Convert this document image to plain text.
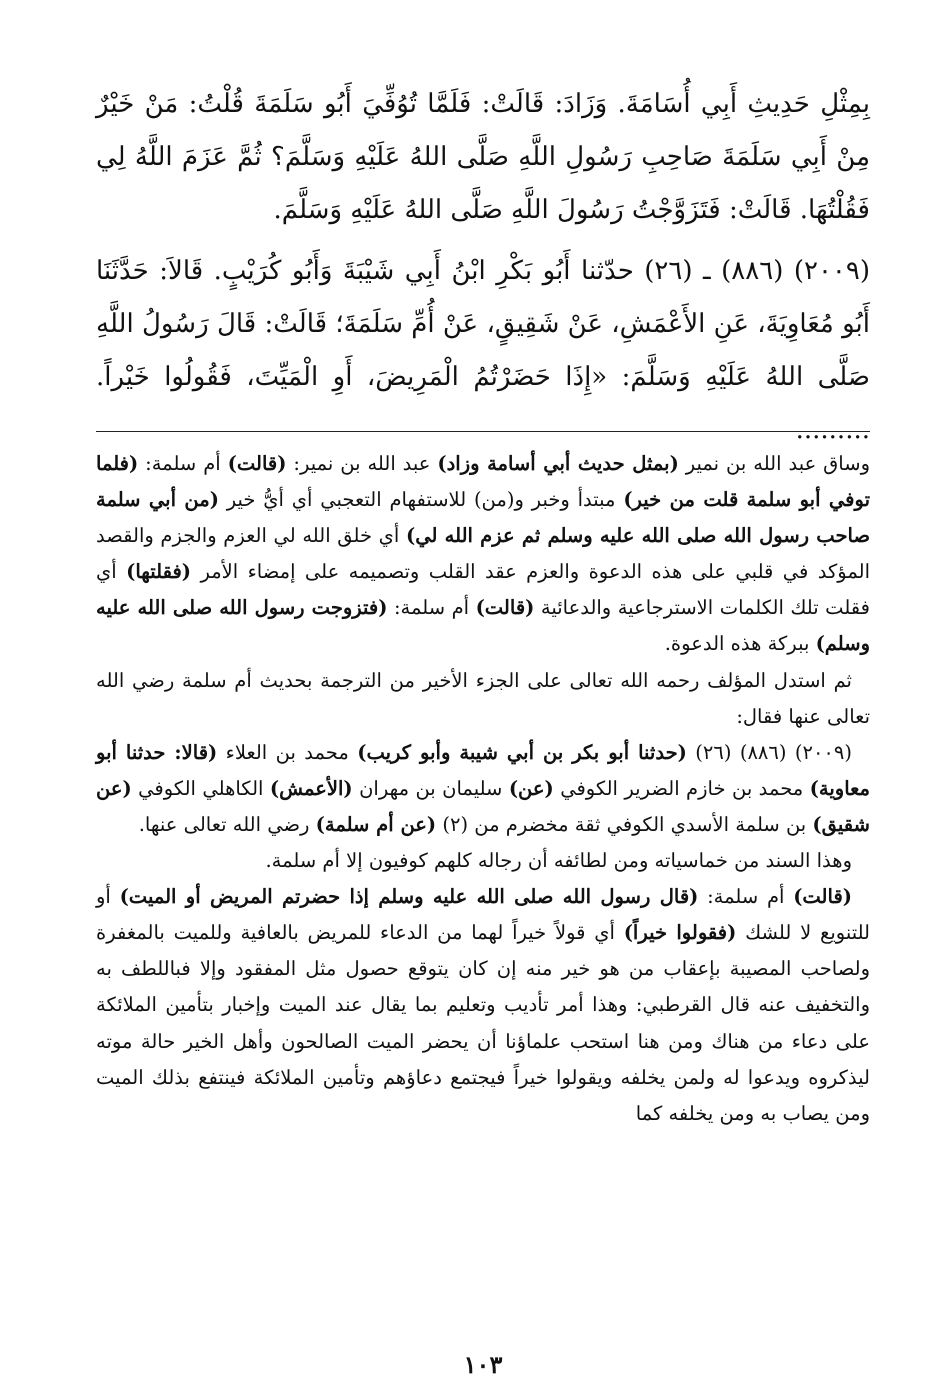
بِمِثْلِ حَدِيثِ أَبِي أُسَامَةَ. وَزَادَ: قَالَتْ: فَلَمَّا تُوُفِّيَ أَبُو سَلَمَةَ قُلْتُ: مَنْ خَيْرٌ مِنْ أَبِي سَلَمَةَ صَاحِبِ رَسُولِ اللَّهِ صَلَّى اللهُ عَلَيْهِ وَسَلَّمَ؟ ثُمَّ عَزَمَ اللَّهُ لِي فَقُلْتُهَا. قَالَتْ: فَتَزَوَّجْتُ رَسُولَ اللَّهِ صَلَّى اللهُ عَلَيْهِ وَسَلَّمَ.

(٢٠٠٩) (٨٨٦) ـ (٢٦) حدّثنا أَبُو بَكْرِ ابْنُ أَبِي شَيْبَةَ وَأَبُو كُرَيْبٍ. قَالاَ: حَدَّثَنَا أَبُو مُعَاوِيَةَ، عَنِ الأَعْمَشِ، عَنْ شَقِيقٍ، عَنْ أُمِّ سَلَمَةَ؛ قَالَتْ: قَالَ رَسُولُ اللَّهِ صَلَّى اللهُ عَلَيْهِ وَسَلَّمَ: «إِذَا حَضَرْتُمُ الْمَرِيضَ، أَوِ الْمَيِّتَ، فَقُولُوا خَيْراً. .........

وساق عبد الله بن نمير (بمثل حديث أبي أسامة وزاد) عبد الله بن نمير: (قالت) أم سلمة: (فلما توفي أبو سلمة قلت من خير) مبتدأ وخبر و(من) للاستفهام التعجبي أي أيُّ خير (من أبي سلمة صاحب رسول الله صلى الله عليه وسلم ثم عزم الله لي) أي خلق الله لي العزم والجزم والقصد المؤكد في قلبي على هذه الدعوة والعزم عقد القلب وتصميمه على إمضاء الأمر (فقلتها) أي فقلت تلك الكلمات الاسترجاعية والدعائية (قالت) أم سلمة: (فتزوجت رسول الله صلى الله عليه وسلم) ببركة هذه الدعوة.

ثم استدل المؤلف رحمه الله تعالى على الجزء الأخير من الترجمة بحديث أم سلمة رضي الله تعالى عنها فقال:

(٢٠٠٩) (٨٨٦) (٢٦) (حدثنا أبو بكر بن أبي شيبة وأبو كريب) محمد بن العلاء (قالا: حدثنا أبو معاوية) محمد بن خازم الضرير الكوفي (عن) سليمان بن مهران (الأعمش) الكاهلي الكوفي (عن شقيق) بن سلمة الأسدي الكوفي ثقة مخضرم من (٢) (عن أم سلمة) رضي الله تعالى عنها.

وهذا السند من خماسياته ومن لطائفه أن رجاله كلهم كوفيون إلا أم سلمة.

(قالت) أم سلمة: (قال رسول الله صلى الله عليه وسلم إذا حضرتم المريض أو الميت) أو للتنويع لا للشك (فقولوا خيراً) أي قولاً خيراً لهما من الدعاء للمريض بالعافية وللميت بالمغفرة ولصاحب المصيبة بإعقاب من هو خير منه إن كان يتوقع حصول مثل المفقود وإلا فباللطف به والتخفيف عنه قال القرطبي: وهذا أمر تأديب وتعليم بما يقال عند الميت وإخبار بتأمين الملائكة على دعاء من هناك ومن هنا استحب علماؤنا أن يحضر الميت الصالحون وأهل الخير حالة موته ليذكروه ويدعوا له ولمن يخلفه ويقولوا خيراً فيجتمع دعاؤهم وتأمين الملائكة فينتفع بذلك الميت ومن يصاب به ومن يخلفه كما

١٠٣
